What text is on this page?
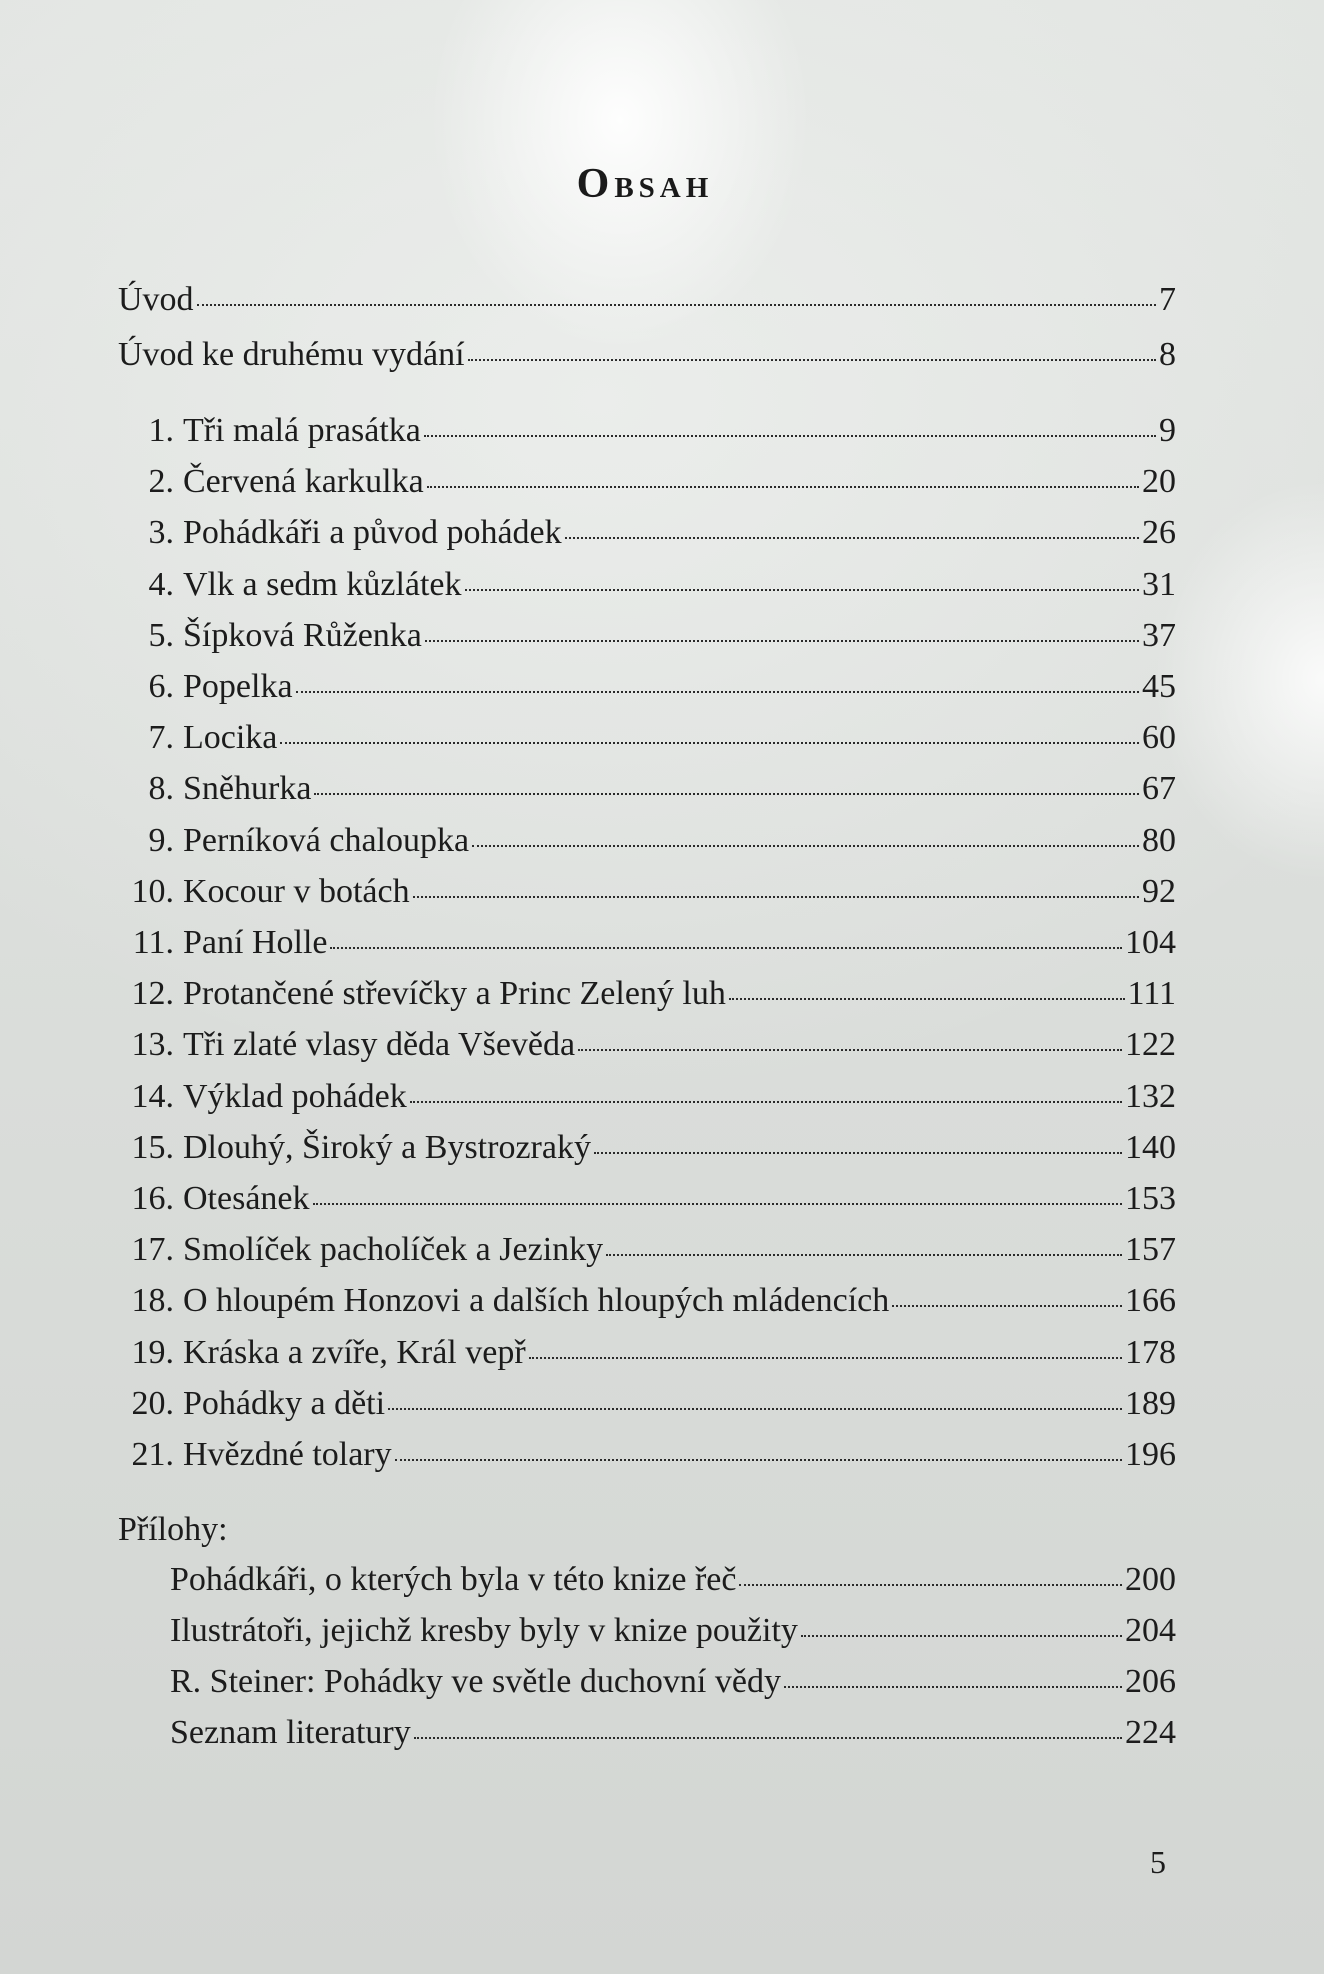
Obsah
Úvod	7
Úvod ke druhému vydání	8
1. Tři malá prasátka	9
2. Červená karkulka	20
3. Pohádkáři a původ pohádek	26
4. Vlk a sedm kůzlátek	31
5. Šípková Růženka	37
6. Popelka	45
7. Locika	60
8. Sněhurka	67
9. Perníková chaloupka	80
10. Kocour v botách	92
11. Paní Holle	104
12. Protančené střevíčky a Princ Zelený luh	111
13. Tři zlaté vlasy děda Vševěda	122
14. Výklad pohádek	132
15. Dlouhý, Široký a Bystrozraký	140
16. Otesánek	153
17. Smolíček pacholíček a Jezinky	157
18. O hloupém Honzovi a dalších hloupých mládencích	166
19. Kráska a zvíře, Král vepř	178
20. Pohádky a děti	189
21. Hvězdné tolary	196
Přílohy:
Pohádkáři, o kterých byla v této knize řeč	200
Ilustrátoři, jejichž kresby byly v knize použity	204
R. Steiner: Pohádky ve světle duchovní vědy	206
Seznam literatury	224
5
